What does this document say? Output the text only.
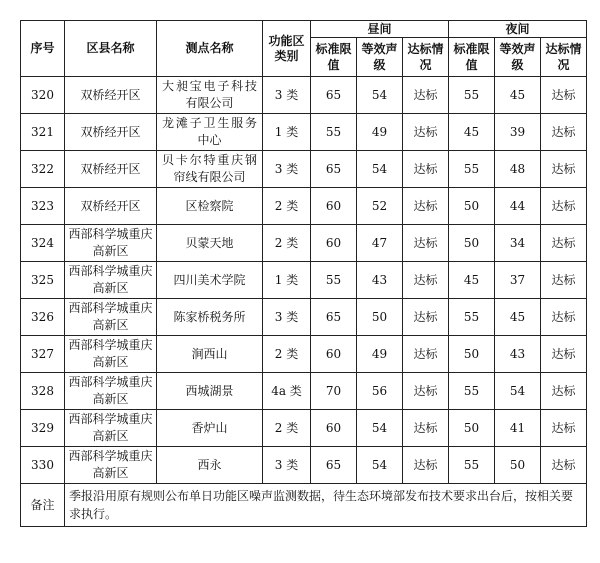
序号	区县名称	测点名称	功能区类别	昼间			夜间		
				标准限值	等效声级	达标情况	标准限值	等效声级	达标情况
320	双桥经开区	大昶宝电子科技有限公司	3 类	65	54	达标	55	45	达标
321	双桥经开区	龙滩子卫生服务中心	1 类	55	49	达标	45	39	达标
322	双桥经开区	贝卡尔特重庆钢帘线有限公司	3 类	65	54	达标	55	48	达标
323	双桥经开区	区检察院	2 类	60	52	达标	50	44	达标
324	西部科学城重庆高新区	贝蒙天地	2 类	60	47	达标	50	34	达标
325	西部科学城重庆高新区	四川美术学院	1 类	55	43	达标	45	37	达标
326	西部科学城重庆高新区	陈家桥税务所	3 类	65	50	达标	55	45	达标
327	西部科学城重庆高新区	涧西山	2 类	60	49	达标	50	43	达标
328	西部科学城重庆高新区	西城湖景	4a 类	70	56	达标	55	54	达标
329	西部科学城重庆高新区	香炉山	2 类	60	54	达标	50	41	达标
330	西部科学城重庆高新区	西永	3 类	65	54	达标	55	50	达标
备注	季报沿用原有规则公布单日功能区噪声监测数据，待生态环境部发布技术要求出台后，按相关要求执行。								
